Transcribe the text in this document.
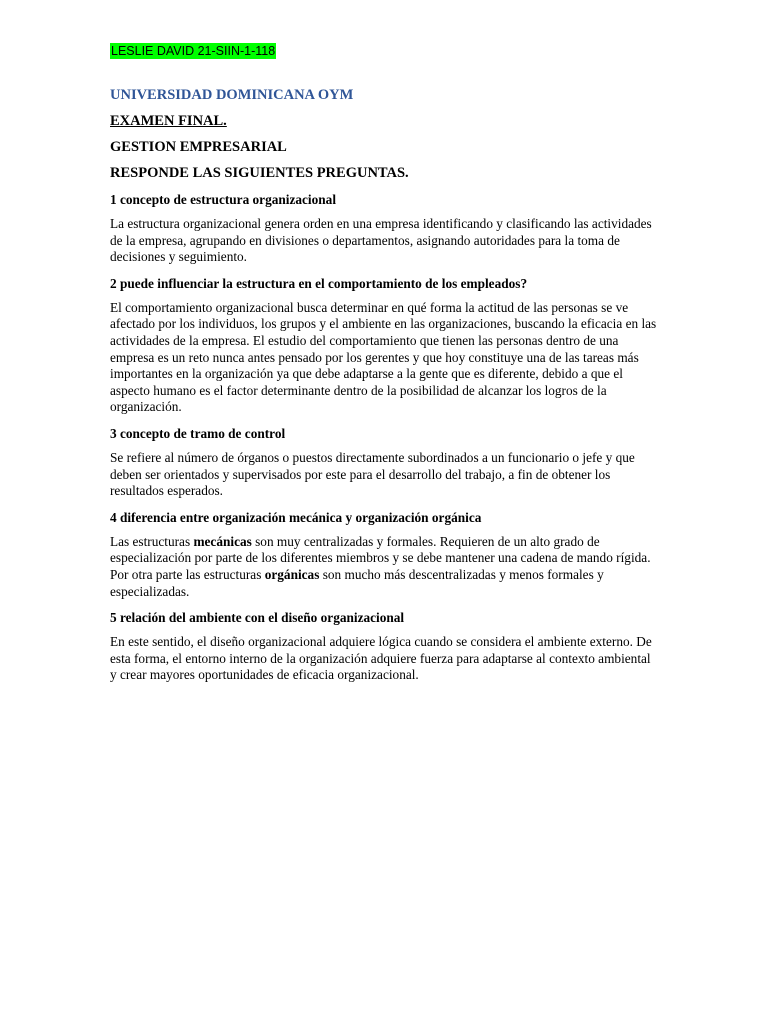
LESLIE DAVID 21-SIIN-1-118
UNIVERSIDAD DOMINICANA OYM
EXAMEN FINAL.
GESTION EMPRESARIAL
RESPONDE LAS SIGUIENTES PREGUNTAS.
1 concepto de estructura organizacional
La estructura organizacional genera orden en una empresa identificando y clasificando las actividades de la empresa, agrupando en divisiones o departamentos, asignando autoridades para la toma de decisiones y seguimiento.
2 puede influenciar la estructura en el comportamiento de los empleados?
El comportamiento organizacional busca determinar en qué forma la actitud de las personas se ve afectado por los individuos, los grupos y el ambiente en las organizaciones, buscando la eficacia en las actividades de la empresa. El estudio del comportamiento que tienen las personas dentro de una empresa es un reto nunca antes pensado por los gerentes y que hoy constituye una de las tareas más importantes en la organización ya que debe adaptarse a la gente que es diferente, debido a que el aspecto humano es el factor determinante dentro de la posibilidad de alcanzar los logros de la organización.
3 concepto de tramo de control
Se refiere al número de órganos o puestos directamente subordinados a un funcionario o jefe y que deben ser orientados y supervisados por este para el desarrollo del trabajo, a fin de obtener los resultados esperados.
4 diferencia entre organización mecánica y organización orgánica
Las estructuras mecánicas son muy centralizadas y formales. Requieren de un alto grado de especialización por parte de los diferentes miembros y se debe mantener una cadena de mando rígida. Por otra parte las estructuras orgánicas son mucho más descentralizadas y menos formales y especializadas.
5 relación del ambiente con el diseño organizacional
En este sentido, el diseño organizacional adquiere lógica cuando se considera el ambiente externo. De esta forma, el entorno interno de la organización adquiere fuerza para adaptarse al contexto ambiental y crear mayores oportunidades de eficacia organizacional.
